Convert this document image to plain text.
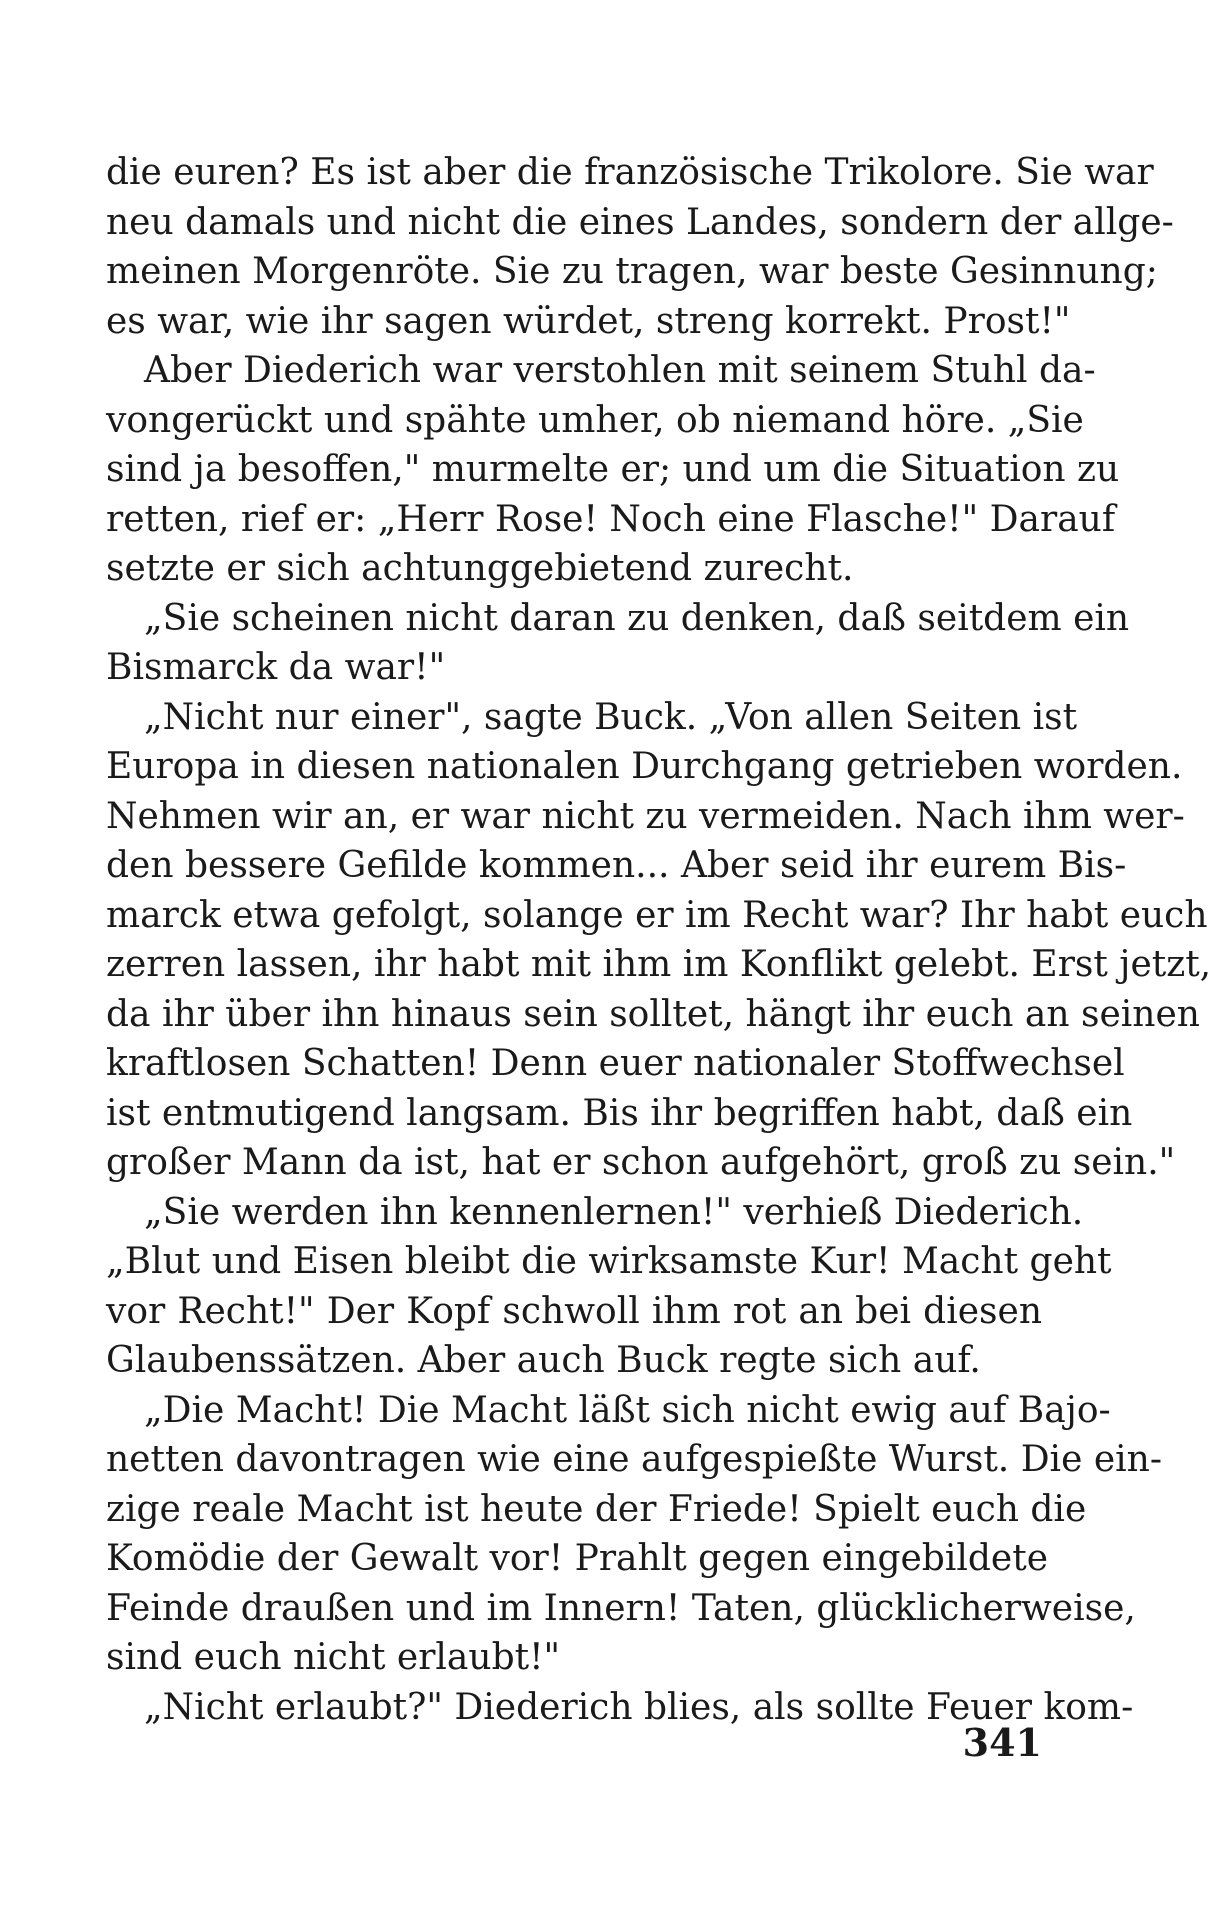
die euren? Es ist aber die französische Trikolore. Sie war
neu damals und nicht die eines Landes, sondern der allge-
meinen Morgenröte. Sie zu tragen, war beste Gesinnung;
es war, wie ihr sagen würdet, streng korrekt. Prost!"
Aber Diederich war verstohlen mit seinem Stuhl da-
vongerückt und spähte umher, ob niemand höre. „Sie
sind ja besoffen," murmelte er; und um die Situation zu
retten, rief er: „Herr Rose! Noch eine Flasche!" Darauf
setzte er sich achtunggebietend zurecht.
„Sie scheinen nicht daran zu denken, daß seitdem ein
Bismarck da war!"
„Nicht nur einer", sagte Buck. „Von allen Seiten ist
Europa in diesen nationalen Durchgang getrieben worden.
Nehmen wir an, er war nicht zu vermeiden. Nach ihm wer-
den bessere Gefilde kommen... Aber seid ihr eurem Bis-
marck etwa gefolgt, solange er im Recht war? Ihr habt euch
zerren lassen, ihr habt mit ihm im Konflikt gelebt. Erst jetzt,
da ihr über ihn hinaus sein solltet, hängt ihr euch an seinen
kraftlosen Schatten! Denn euer nationaler Stoffwechsel
ist entmutigend langsam. Bis ihr begriffen habt, daß ein
großer Mann da ist, hat er schon aufgehört, groß zu sein."
„Sie werden ihn kennenlernen!" verhieß Diederich.
„Blut und Eisen bleibt die wirksamste Kur! Macht geht
vor Recht!" Der Kopf schwoll ihm rot an bei diesen
Glaubenssätzen. Aber auch Buck regte sich auf.
„Die Macht! Die Macht läßt sich nicht ewig auf Bajo-
netten davontragen wie eine aufgespießte Wurst. Die ein-
zige reale Macht ist heute der Friede! Spielt euch die
Komödie der Gewalt vor! Prahlt gegen eingebildete
Feinde draußen und im Innern! Taten, glücklicherweise,
sind euch nicht erlaubt!"
„Nicht erlaubt?" Diederich blies, als sollte Feuer kom-
341
